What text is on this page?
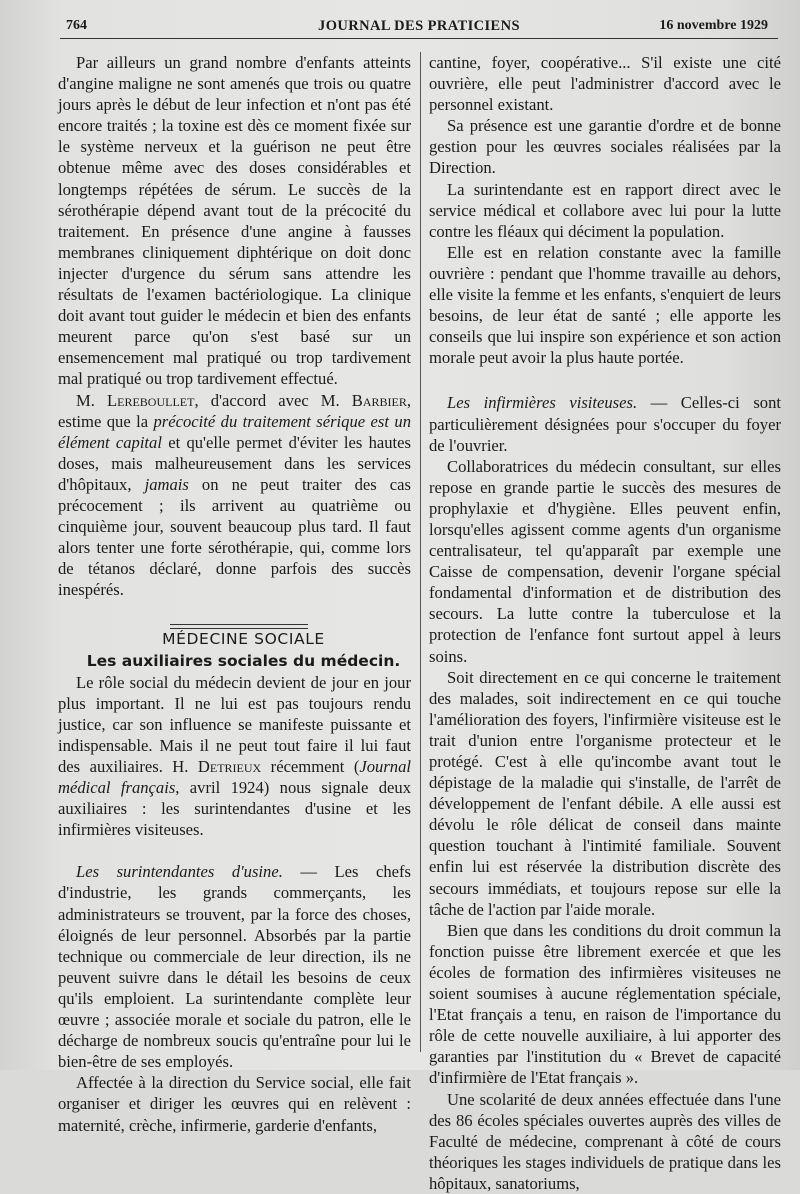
764	JOURNAL DES PRATICIENS	16 novembre 1929

Par ailleurs un grand nombre d'enfants atteints d'angine maligne ne sont amenés que trois ou quatre jours après le début de leur infection et n'ont pas été encore traités ; la toxine est dès ce moment fixée sur le système nerveux et la guérison ne peut être obtenue même avec des doses considérables et longtemps répétées de sérum. Le succès de la sérothérapie dépend avant tout de la précocité du traitement. En présence d'une angine à fausses membranes cliniquement diphtérique on doit donc injecter d'urgence du sérum sans attendre les résultats de l'examen bactériologique. La clinique doit avant tout guider le médecin et bien des enfants meurent parce qu'on s'est basé sur un ensemencement mal pratiqué ou trop tardivement mal pratiqué ou trop tardivement effectué.

M. Lereboullet, d'accord avec M. Barbier, estime que la précocité du traitement sérique est un élément capital et qu'elle permet d'éviter les hautes doses, mais malheureusement dans les services d'hôpitaux, jamais on ne peut traiter des cas précocement ; ils arrivent au quatrième ou cinquième jour, souvent beaucoup plus tard. Il faut alors tenter une forte sérothérapie, qui, comme lors de tétanos déclaré, donne parfois des succès inespérés.

MÉDECINE SOCIALE

Les auxiliaires sociales du médecin.

Le rôle social du médecin devient de jour en jour plus important. Il ne lui est pas toujours rendu justice, car son influence se manifeste puissante et indispensable. Mais il ne peut tout faire il lui faut des auxiliaires. H. Detrieux récemment (Journal médical français, avril 1924) nous signale deux auxiliaires : les surintendantes d'usine et les infirmières visiteuses.

Les surintendantes d'usine. — Les chefs d'industrie, les grands commerçants, les administrateurs se trouvent, par la force des choses, éloignés de leur personnel. Absorbés par la partie technique ou commerciale de leur direction, ils ne peuvent suivre dans le détail les besoins de ceux qu'ils emploient. La surintendante complète leur œuvre ; associée morale et sociale du patron, elle le décharge de nombreux soucis qu'entraîne pour lui le bien-être de ses employés.

Affectée à la direction du Service social, elle fait organiser et diriger les œuvres qui en relèvent : maternité, crèche, infirmerie, garderie d'enfants,

cantine, foyer, coopérative... S'il existe une cité ouvrière, elle peut l'administrer d'accord avec le personnel existant.

Sa présence est une garantie d'ordre et de bonne gestion pour les œuvres sociales réalisées par la Direction.

La surintendante est en rapport direct avec le service médical et collabore avec lui pour la lutte contre les fléaux qui déciment la population.

Elle est en relation constante avec la famille ouvrière : pendant que l'homme travaille au dehors, elle visite la femme et les enfants, s'enquiert de leurs besoins, de leur état de santé ; elle apporte les conseils que lui inspire son expérience et son action morale peut avoir la plus haute portée.

Les infirmières visiteuses. — Celles-ci sont particulièrement désignées pour s'occuper du foyer de l'ouvrier.

Collaboratrices du médecin consultant, sur elles repose en grande partie le succès des mesures de prophylaxie et d'hygiène. Elles peuvent enfin, lorsqu'elles agissent comme agents d'un organisme centralisateur, tel qu'apparaît par exemple une Caisse de compensation, devenir l'organe spécial fondamental d'information et de distribution des secours. La lutte contre la tuberculose et la protection de l'enfance font surtout appel à leurs soins.

Soit directement en ce qui concerne le traitement des malades, soit indirectement en ce qui touche l'amélioration des foyers, l'infirmière visiteuse est le trait d'union entre l'organisme protecteur et le protégé. C'est à elle qu'incombe avant tout le dépistage de la maladie qui s'installe, de l'arrêt de développement de l'enfant débile. A elle aussi est dévolu le rôle délicat de conseil dans mainte question touchant à l'intimité familiale. Souvent enfin lui est réservée la distribution discrète des secours immédiats, et toujours repose sur elle la tâche de l'action par l'aide morale.

Bien que dans les conditions du droit commun la fonction puisse être librement exercée et que les écoles de formation des infirmières visiteuses ne soient soumises à aucune réglementation spéciale, l'Etat français a tenu, en raison de l'importance du rôle de cette nouvelle auxiliaire, à lui apporter des garanties par l'institution du « Brevet de capacité d'infirmière de l'Etat français ».

Une scolarité de deux années effectuée dans l'une des 86 écoles spéciales ouvertes auprès des villes de Faculté de médecine, comprenant à côté de cours théoriques les stages individuels de pratique dans les hôpitaux, sanatoriums,
